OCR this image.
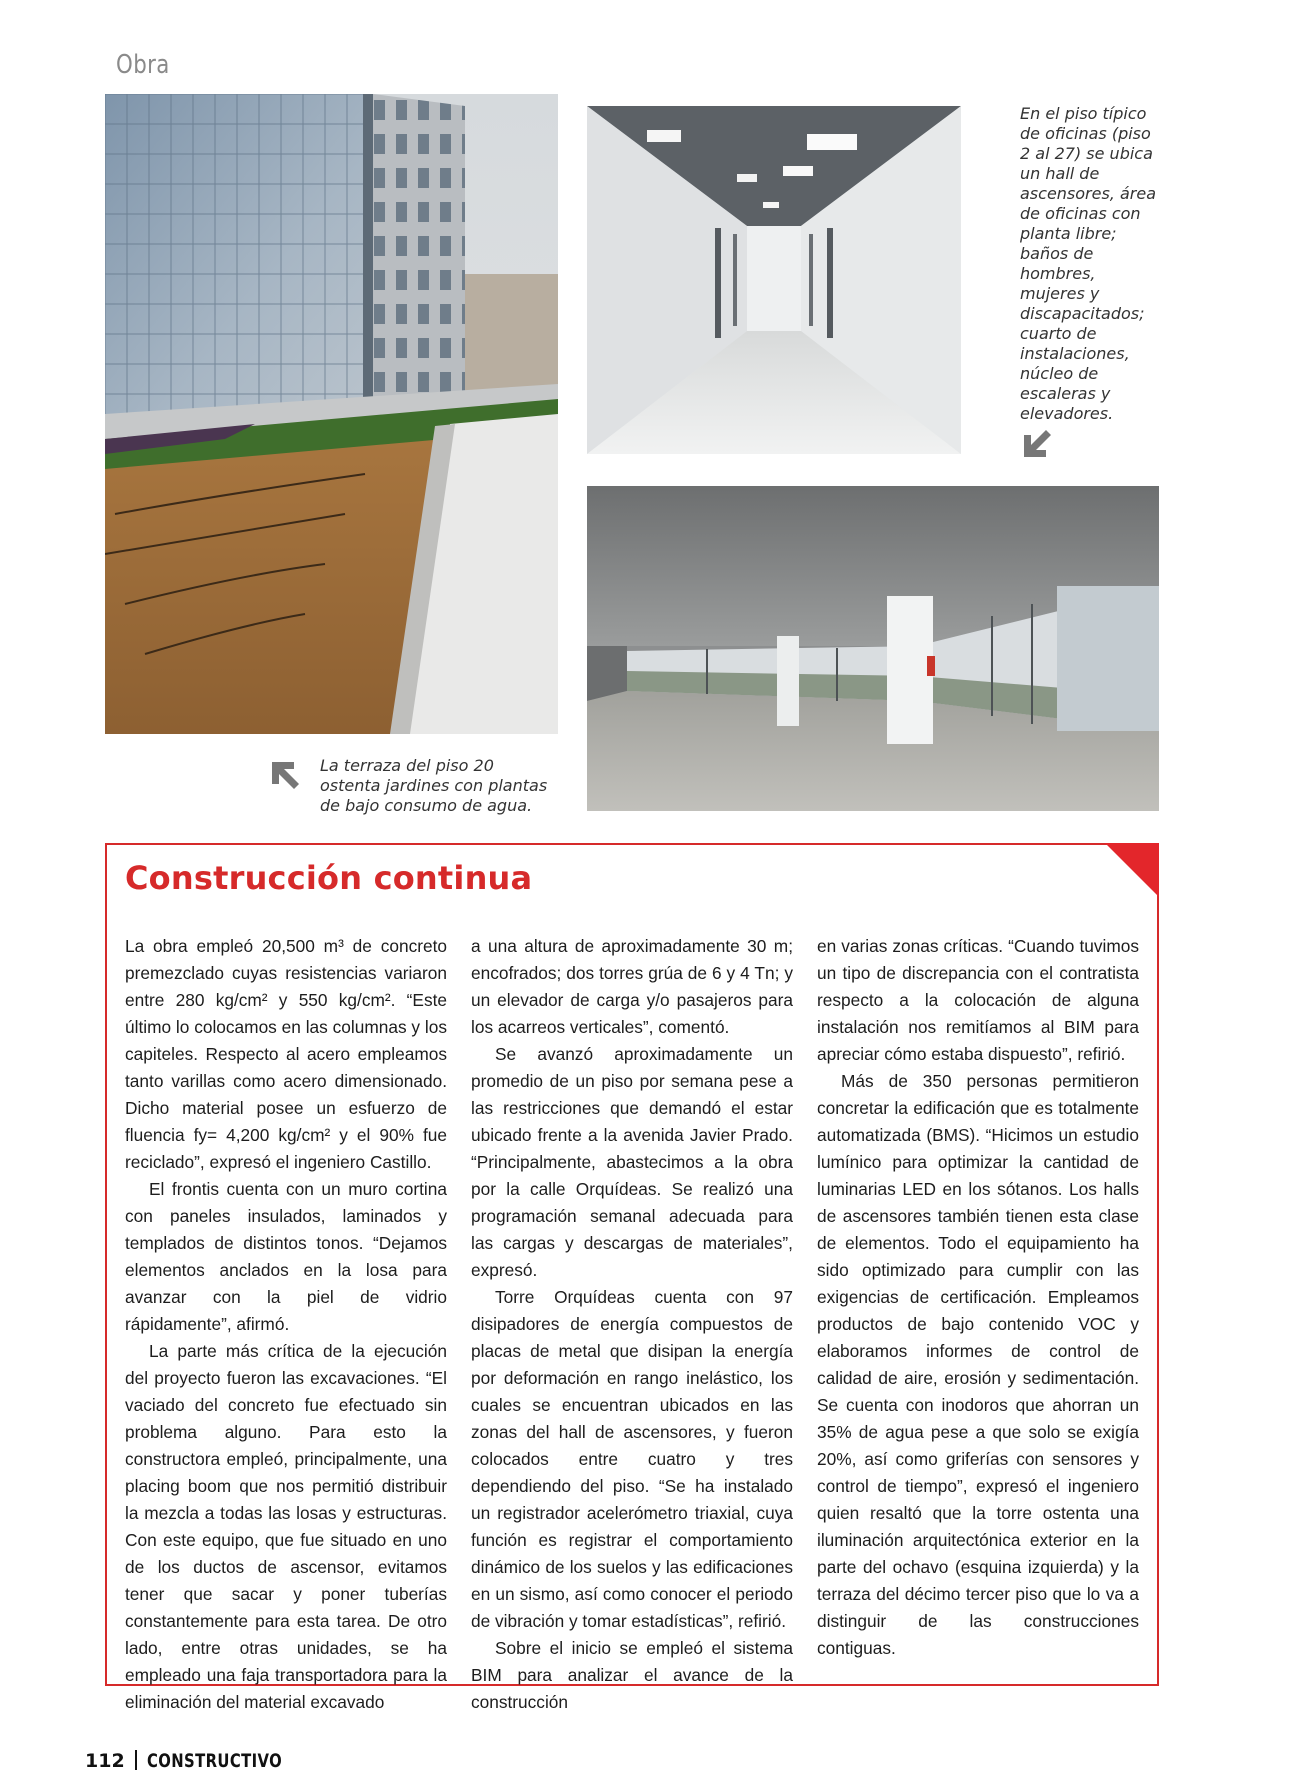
Obra
En el piso típico de oficinas (piso 2 al 27) se ubica un hall de ascensores, área de oficinas con planta libre; baños de hombres, mujeres y discapacitados; cuarto de instalaciones, núcleo de escaleras y elevadores.
La terraza del piso 20 ostenta jardines con plantas de bajo consumo de agua.
Construcción continua

La obra empleó 20,500 m³ de concreto premezclado cuyas resistencias variaron entre 280 kg/cm² y 550 kg/cm². “Este último lo colocamos en las columnas y los capiteles. Respecto al acero empleamos tanto varillas como acero dimensionado. Dicho material posee un esfuerzo de fluencia fy= 4,200 kg/cm² y el 90% fue reciclado”, expresó el ingeniero Castillo.

El frontis cuenta con un muro cortina con paneles insulados, laminados y templados de distintos tonos. “Dejamos elementos anclados en la losa para avanzar con la piel de vidrio rápidamente”, afirmó.

La parte más crítica de la ejecución del proyecto fueron las excavaciones. “El vaciado del concreto fue efectuado sin problema alguno. Para esto la constructora empleó, principalmente, una placing boom que nos permitió distribuir la mezcla a todas las losas y estructuras. Con este equipo, que fue situado en uno de los ductos de ascensor, evitamos tener que sacar y poner tuberías constantemente para esta tarea. De otro lado, entre otras unidades, se ha empleado una faja transportadora para la eliminación del material excavado

a una altura de aproximadamente 30 m; encofrados; dos torres grúa de 6 y 4 Tn; y un elevador de carga y/o pasajeros para los acarreos verticales”, comentó.

Se avanzó aproximadamente un promedio de un piso por semana pese a las restricciones que demandó el estar ubicado frente a la avenida Javier Prado. “Principalmente, abastecimos a la obra por la calle Orquídeas. Se realizó una programación semanal adecuada para las cargas y descargas de materiales”, expresó.

Torre Orquídeas cuenta con 97 disipadores de energía compuestos de placas de metal que disipan la energía por deformación en rango inelástico, los cuales se encuentran ubicados en las zonas del hall de ascensores, y fueron colocados entre cuatro y tres dependiendo del piso. “Se ha instalado un registrador acelerómetro triaxial, cuya función es registrar el comportamiento dinámico de los suelos y las edificaciones en un sismo, así como conocer el periodo de vibración y tomar estadísticas”, refirió.

Sobre el inicio se empleó el sistema BIM para analizar el avance de la construcción

en varias zonas críticas. “Cuando tuvimos un tipo de discrepancia con el contratista respecto a la colocación de alguna instalación nos remitíamos al BIM para apreciar cómo estaba dispuesto”, refirió.

Más de 350 personas permitieron concretar la edificación que es totalmente automatizada (BMS). “Hicimos un estudio lumínico para optimizar la cantidad de luminarias LED en los sótanos. Los halls de ascensores también tienen esta clase de elementos. Todo el equipamiento ha sido optimizado para cumplir con las exigencias de certificación. Empleamos productos de bajo contenido VOC y elaboramos informes de control de calidad de aire, erosión y sedimentación. Se cuenta con inodoros que ahorran un 35% de agua pese a que solo se exigía 20%, así como griferías con sensores y control de tiempo”, expresó el ingeniero quien resaltó que la torre ostenta una iluminación arquitectónica exterior en la parte del ochavo (esquina izquierda) y la terraza del décimo tercer piso que lo va a distinguir de las construcciones contiguas.

112 CONSTRUCTIVO
